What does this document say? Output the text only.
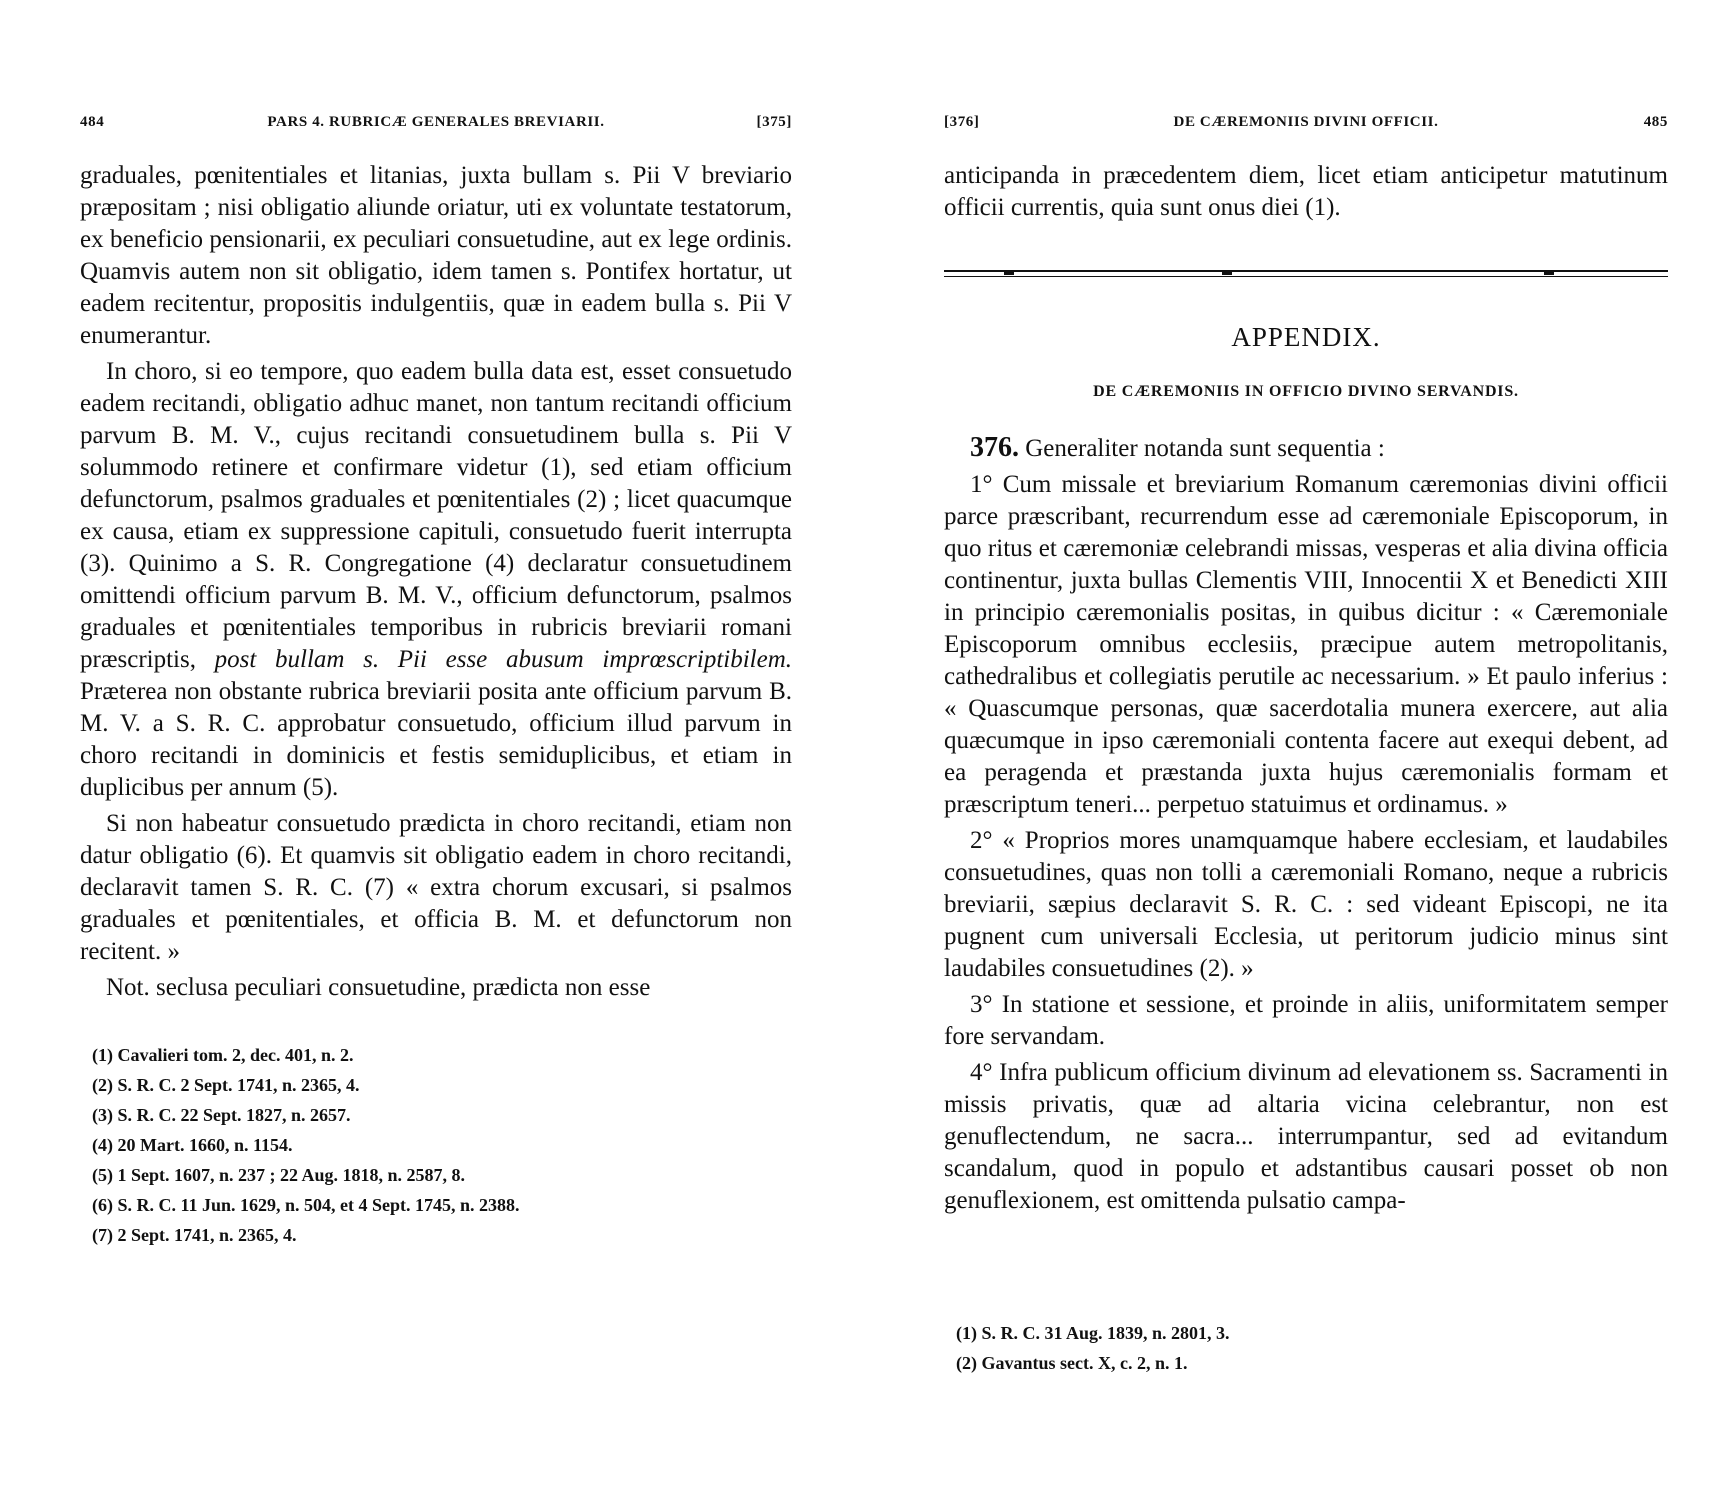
484	PARS 4. RUBRICÆ GENERALES BREVIARII.	[375]

graduales, pœnitentiales et litanias, juxta bullam s. Pii V breviario præpositam ; nisi obligatio aliunde oriatur, uti ex voluntate testatorum, ex beneficio pensionarii, ex peculiari consuetudine, aut ex lege ordinis. Quamvis autem non sit obligatio, idem tamen s. Pontifex hortatur, ut eadem recitentur, propositis indulgentiis, quæ in eadem bulla s. Pii V enumerantur.

In choro, si eo tempore, quo eadem bulla data est, esset consuetudo eadem recitandi, obligatio adhuc manet, non tantum recitandi officium parvum B. M. V., cujus recitandi consuetudinem bulla s. Pii V solummodo retinere et confirmare videtur (1), sed etiam officium defunctorum, psalmos graduales et pœnitentiales (2) ; licet quacumque ex causa, etiam ex suppressione capituli, consuetudo fuerit interrupta (3). Quinimo a S. R. Congregatione (4) declaratur consuetudinem omittendi officium parvum B. M. V., officium defunctorum, psalmos graduales et pœnitentiales temporibus in rubricis breviarii romani præscriptis, post bullam s. Pii esse abusum imprœscriptibilem. Præterea non obstante rubrica breviarii posita ante officium parvum B. M. V. a S. R. C. approbatur consuetudo, officium illud parvum in choro recitandi in dominicis et festis semiduplicibus, et etiam in duplicibus per annum (5).

Si non habeatur consuetudo prædicta in choro recitandi, etiam non datur obligatio (6). Et quamvis sit obligatio eadem in choro recitandi, declaravit tamen S. R. C. (7) « extra chorum excusari, si psalmos graduales et pœnitentiales, et officia B. M. et defunctorum non recitent. »

Not. seclusa peculiari consuetudine, prædicta non esse

(1) Cavalieri tom. 2, dec. 401, n. 2.
(2) S. R. C. 2 Sept. 1741, n. 2365, 4.
(3) S. R. C. 22 Sept. 1827, n. 2657.
(4) 20 Mart. 1660, n. 1154.
(5) 1 Sept. 1607, n. 237 ; 22 Aug. 1818, n. 2587, 8.
(6) S. R. C. 11 Jun. 1629, n. 504, et 4 Sept. 1745, n. 2388.
(7) 2 Sept. 1741, n. 2365, 4.
[376]	DE CÆREMONIIS DIVINI OFFICII.	485

anticipanda in præcedentem diem, licet etiam anticipetur matutinum officii currentis, quia sunt onus diei (1).

APPENDIX.
DE CÆREMONIIS IN OFFICIO DIVINO SERVANDIS.

376. Generaliter notanda sunt sequentia :

1° Cum missale et breviarium Romanum cæremonias divini officii parce præscribant, recurrendum esse ad cæremoniale Episcoporum, in quo ritus et cæremoniæ celebrandi missas, vesperas et alia divina officia continentur, juxta bullas Clementis VIII, Innocentii X et Benedicti XIII in principio cæremonialis positas, in quibus dicitur : « Cæremoniale Episcoporum omnibus ecclesiis, præcipue autem metropolitanis, cathedralibus et collegiatis perutile ac necessarium. » Et paulo inferius : « Quascumque personas, quæ sacerdotalia munera exercere, aut alia quæcumque in ipso cæremoniali contenta facere aut exequi debent, ad ea peragenda et præstanda juxta hujus cæremonialis formam et præscriptum teneri... perpetuo statuimus et ordinamus. »

2° « Proprios mores unamquamque habere ecclesiam, et laudabiles consuetudines, quas non tolli a cæremoniali Romano, neque a rubricis breviarii, sæpius declaravit S. R. C. : sed videant Episcopi, ne ita pugnent cum universali Ecclesia, ut peritorum judicio minus sint laudabiles consuetudines (2). »

3° In statione et sessione, et proinde in aliis, uniformitatem semper fore servandam.

4° Infra publicum officium divinum ad elevationem ss. Sacramenti in missis privatis, quæ ad altaria vicina celebrantur, non est genuflectendum, ne sacra... interrumpantur, sed ad evitandum scandalum, quod in populo et adstantibus causari posset ob non genuflexionem, est omittenda pulsatio campa-

(1) S. R. C. 31 Aug. 1839, n. 2801, 3.
(2) Gavantus sect. X, c. 2, n. 1.
